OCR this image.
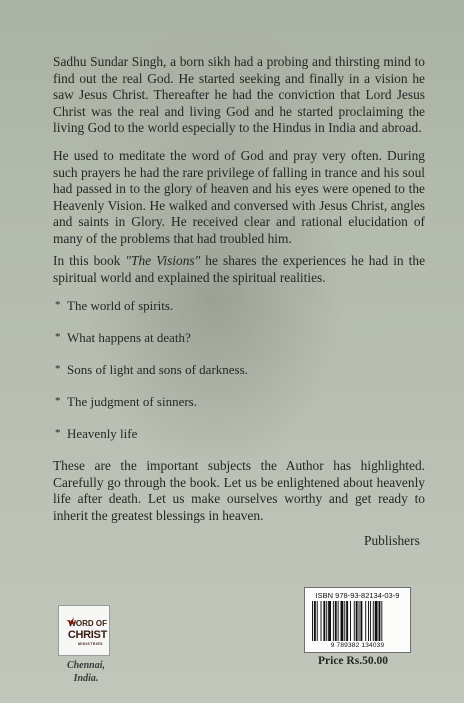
Sadhu Sundar Singh, a born sikh had a probing and thirsting mind to find out the real God. He started seeking and finally in a vision he saw Jesus Christ. Thereafter he had the conviction that Lord Jesus Christ was the real and living God and he started proclaiming the living God to the world especially to the Hindus in India and abroad.

He used to meditate the word of God and pray very often. During such prayers he had the rare privilege of falling in trance and his soul had passed in to the glory of heaven and his eyes were opened to the Heavenly Vision. He walked and conversed with Jesus Christ, angles and saints in Glory. He received clear and rational elucidation of many of the problems that had troubled him.

In this book "The Visions" he shares the experiences he had in the spiritual world and explained the spiritual realities.

* The world of spirits.
* What happens at death?
* Sons of light and sons of darkness.
* The judgment of sinners.
* Heavenly life

These are the important subjects the Author has highlighted. Carefully go through the book. Let us be enlightened about heavenly life after death. Let us make ourselves worthy and get ready to inherit the greatest blessings in heaven.

Publishers
WORD OF
CHRIST
MINISTRIES
Chennai,
India.
ISBN 978-93-82134-03-9
9 789382 134039
Price Rs.50.00
